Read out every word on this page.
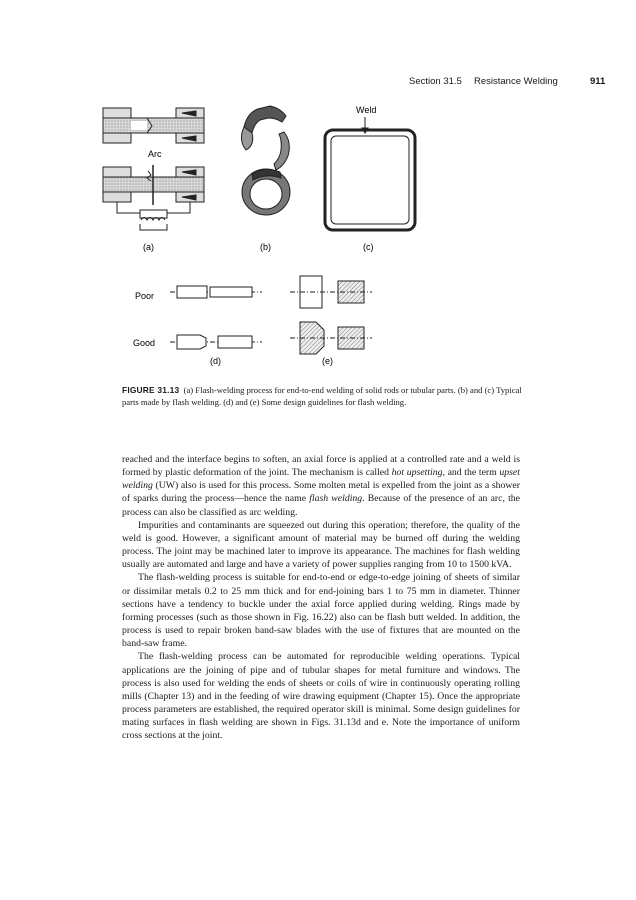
Section 31.5 Resistance Welding	911
Arc
(a)	(b)
Weld
(c)
Poor
Good
(d)	(e)
FIGURE 31.13 (a) Flash-welding process for end-to-end welding of solid rods or tubular parts. (b) and (c) Typical parts made by flash welding. (d) and (e) Some design guidelines for flash welding.

reached and the interface begins to soften, an axial force is applied at a controlled rate and a weld is formed by plastic deformation of the joint. The mechanism is called hot upsetting, and the term upset welding (UW) also is used for this process. Some molten metal is expelled from the joint as a shower of sparks during the process—hence the name flash welding. Because of the presence of an arc, the process can also be classified as arc welding.

Impurities and contaminants are squeezed out during this operation; therefore, the quality of the weld is good. However, a significant amount of material may be burned off during the welding process. The joint may be machined later to improve its appearance. The machines for flash welding usually are automated and large and have a variety of power supplies ranging from 10 to 1500 kVA.

The flash-welding process is suitable for end-to-end or edge-to-edge joining of sheets of similar or dissimilar metals 0.2 to 25 mm thick and for end-joining bars 1 to 75 mm in diameter. Thinner sections have a tendency to buckle under the axial force applied during welding. Rings made by forming processes (such as those shown in Fig. 16.22) also can be flash butt welded. In addition, the process is used to repair broken band-saw blades with the use of fixtures that are mounted on the band-saw frame.

The flash-welding process can be automated for reproducible welding operations. Typical applications are the joining of pipe and of tubular shapes for metal furniture and windows. The process is also used for welding the ends of sheets or coils of wire in continuously operating rolling mills (Chapter 13) and in the feeding of wire drawing equipment (Chapter 15). Once the appropriate process parameters are established, the required operator skill is minimal. Some design guidelines for mating surfaces in flash welding are shown in Figs. 31.13d and e. Note the importance of uniform cross sections at the joint.
